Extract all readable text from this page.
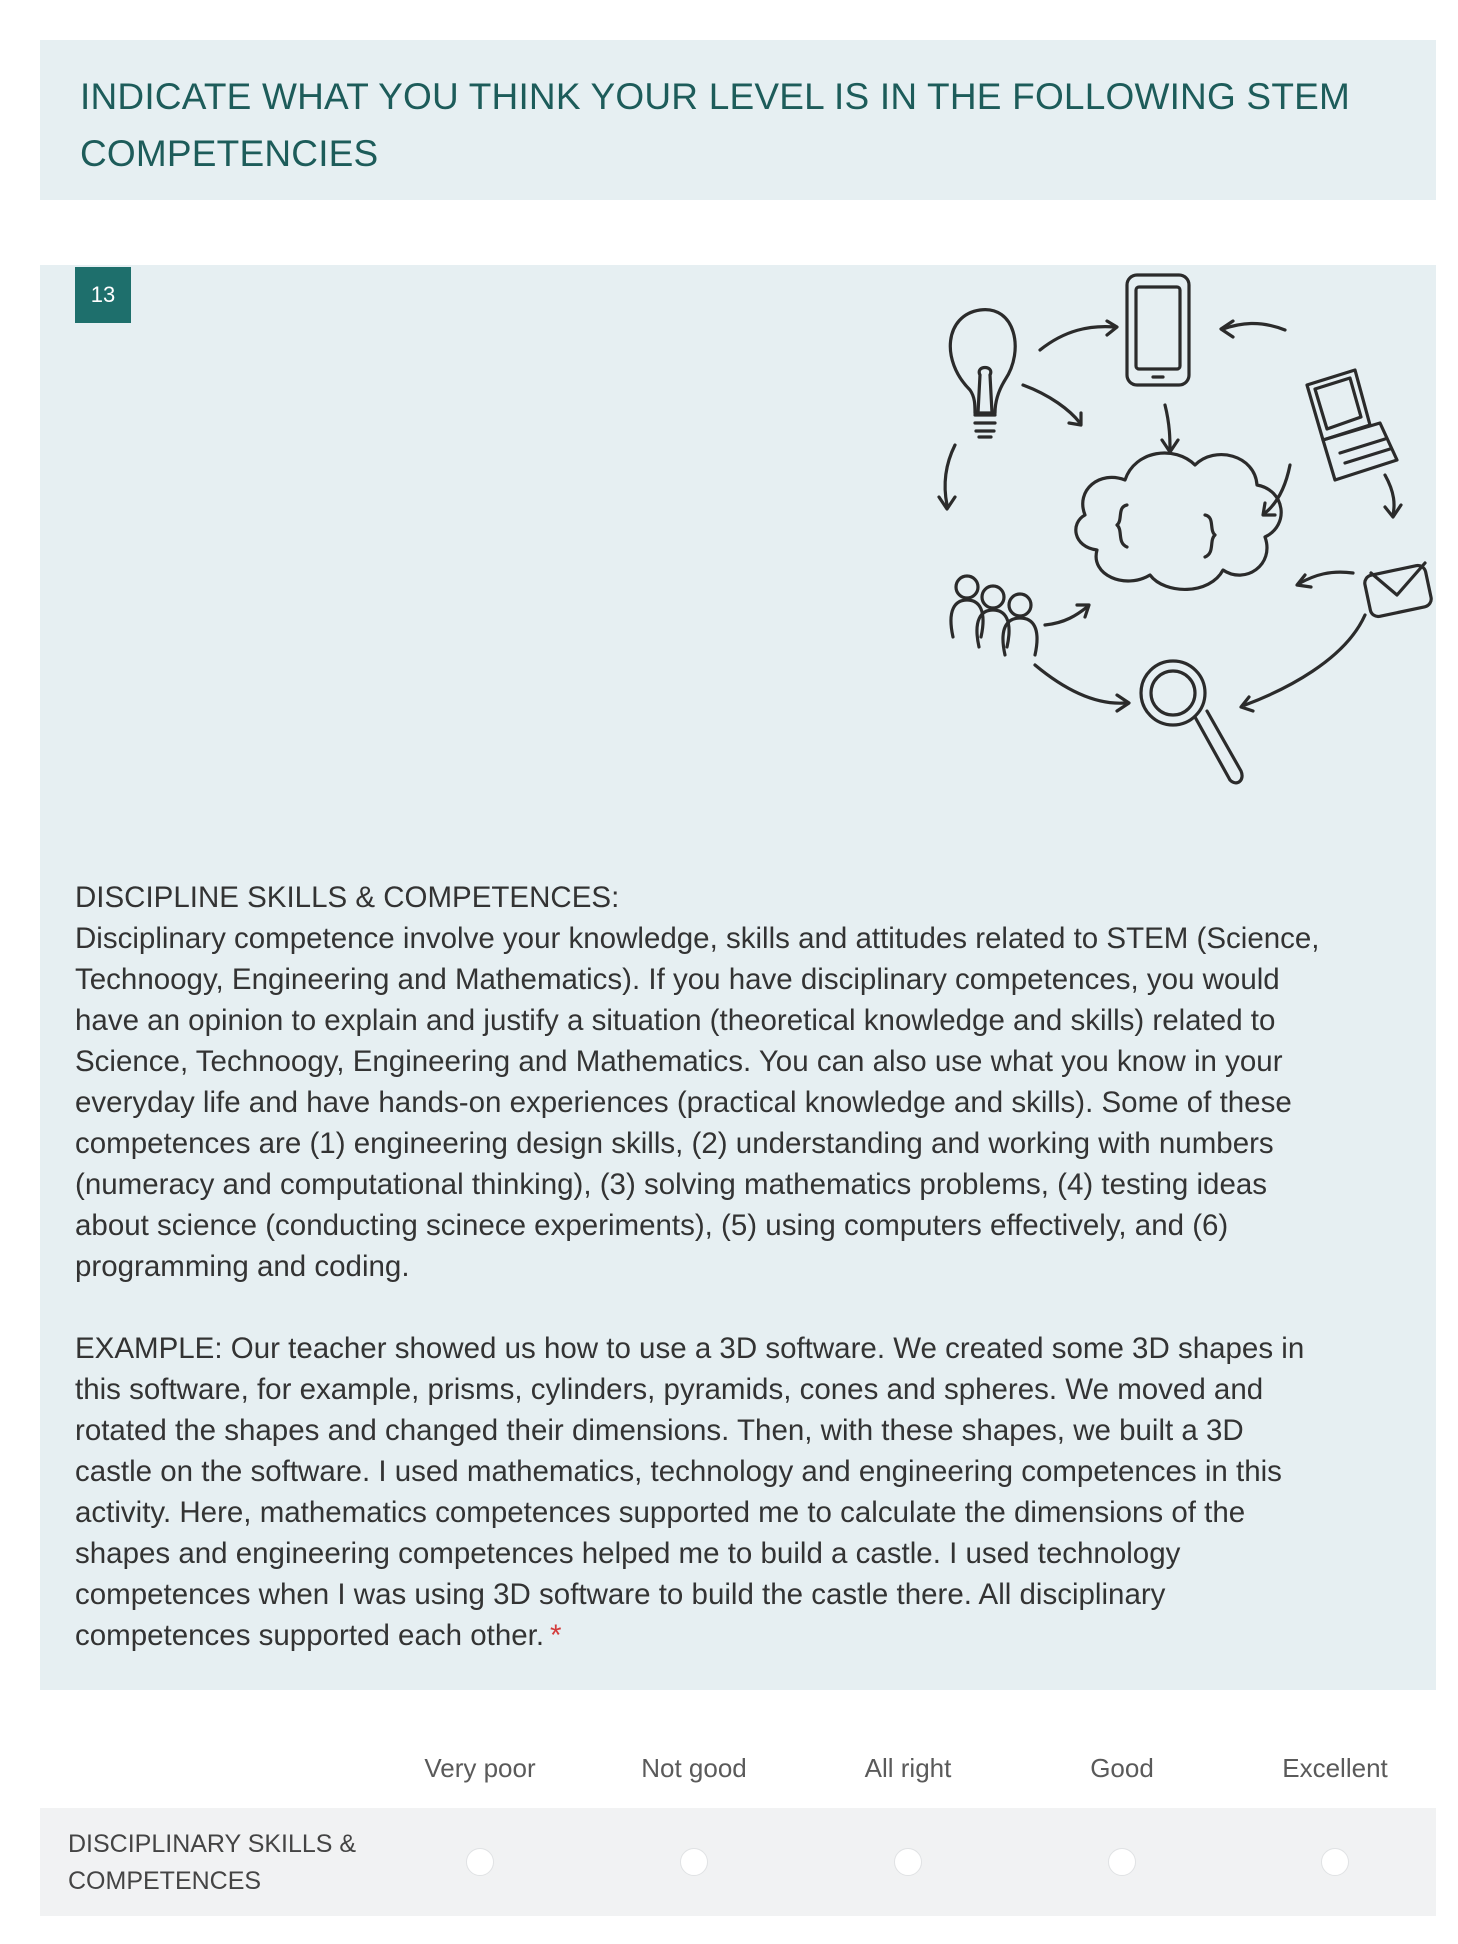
INDICATE WHAT YOU THINK YOUR LEVEL IS IN THE FOLLOWING STEM
COMPETENCIES
13

DISCIPLINE SKILLS & COMPETENCES:

Disciplinary competence involve your knowledge, skills and attitudes related to STEM (Science,

Technoogy, Engineering and Mathematics). If you have disciplinary competences, you would

have an opinion to explain and justify a situation (theoretical knowledge and skills) related to

Science, Technoogy, Engineering and Mathematics. You can also use what you know in your

everyday life and have hands-on experiences (practical knowledge and skills). Some of these

competences are (1) engineering design skills, (2) understanding and working with numbers

(numeracy and computational thinking), (3) solving mathematics problems, (4) testing ideas

about science (conducting scinece experiments), (5) using computers effectively, and (6)

programming and coding.

EXAMPLE: Our teacher showed us how to use a 3D software. We created some 3D shapes in

this software, for example, prisms, cylinders, pyramids, cones and spheres. We moved and

rotated the shapes and changed their dimensions. Then, with these shapes, we built a 3D

castle on the software. I used mathematics, technology and engineering competences in this

activity. Here, mathematics competences supported me to calculate the dimensions of the

shapes and engineering competences helped me to build a castle. I used technology

competences when I was using 3D software to build the castle there. All disciplinary

competences supported each other. *

Very poor	Not good	All right	Good	Excellent
DISCIPLINARY SKILLS &
COMPETENCES
